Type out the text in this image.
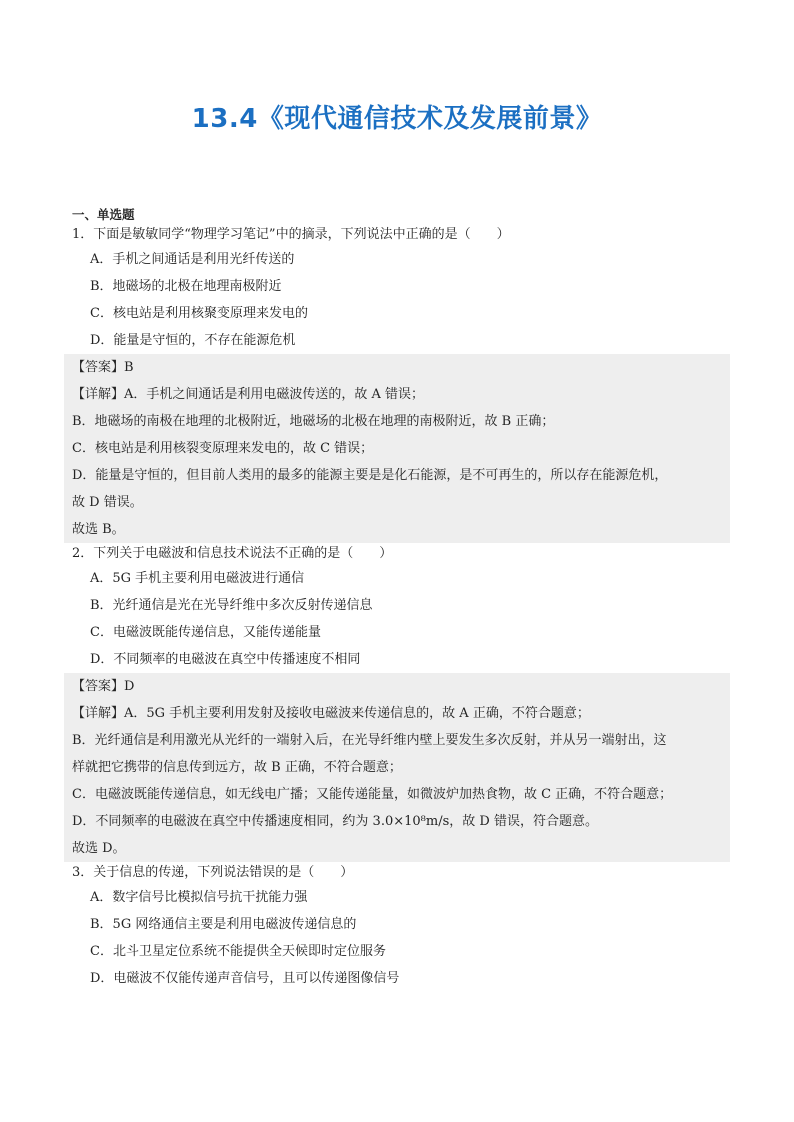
13.4《现代通信技术及发展前景》
一、单选题
1．下面是敏敏同学“物理学习笔记”中的摘录，下列说法中正确的是（　　）
A．手机之间通话是利用光纤传送的
B．地磁场的北极在地理南极附近
C．核电站是利用核聚变原理来发电的
D．能量是守恒的，不存在能源危机
【答案】B
【详解】A．手机之间通话是利用电磁波传送的，故 A 错误；
B．地磁场的南极在地理的北极附近，地磁场的北极在地理的南极附近，故 B 正确；
C．核电站是利用核裂变原理来发电的，故 C 错误；
D．能量是守恒的，但目前人类用的最多的能源主要是是化石能源，是不可再生的，所以存在能源危机，
故 D 错误。
故选 B。
2．下列关于电磁波和信息技术说法不正确的是（　　）
A．5G 手机主要利用电磁波进行通信
B．光纤通信是光在光导纤维中多次反射传递信息
C．电磁波既能传递信息，又能传递能量
D．不同频率的电磁波在真空中传播速度不相同
【答案】D
【详解】A．5G 手机主要利用发射及接收电磁波来传递信息的，故 A 正确，不符合题意；
B．光纤通信是利用激光从光纤的一端射入后，在光导纤维内壁上要发生多次反射，并从另一端射出，这
样就把它携带的信息传到远方，故 B 正确，不符合题意；
C．电磁波既能传递信息，如无线电广播；又能传递能量，如微波炉加热食物，故 C 正确，不符合题意；
D．不同频率的电磁波在真空中传播速度相同，约为 3.0×10⁸m/s，故 D 错误，符合题意。
故选 D。
3．关于信息的传递，下列说法错误的是（　　）
A．数字信号比模拟信号抗干扰能力强
B．5G 网络通信主要是利用电磁波传递信息的
C．北斗卫星定位系统不能提供全天候即时定位服务
D．电磁波不仅能传递声音信号，且可以传递图像信号
